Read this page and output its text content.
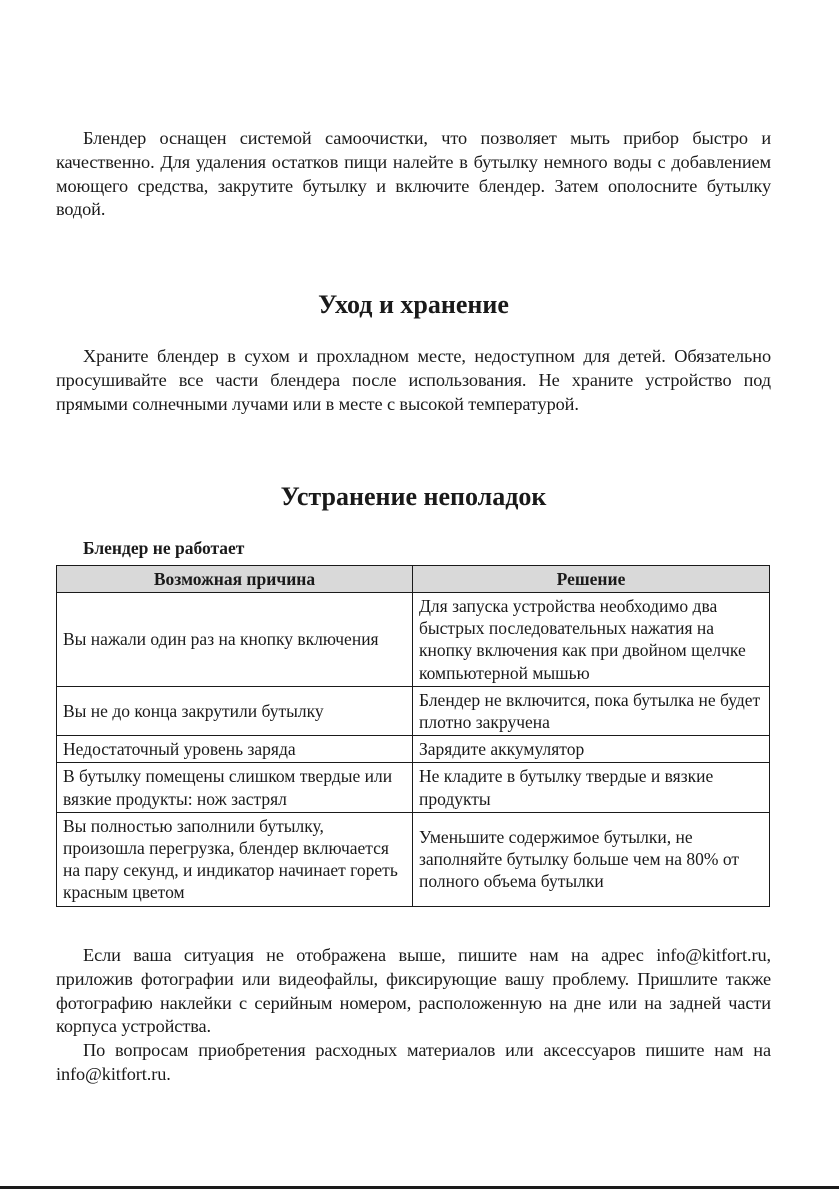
Блендер оснащен системой самоочистки, что позволяет мыть прибор быстро и качественно. Для удаления остатков пищи налейте в бутылку немного воды с добавлением моющего средства, закрутите бутылку и включите блендер. Затем ополосните бутылку водой.

Уход и хранение

Храните блендер в сухом и прохладном месте, недоступном для детей. Обязательно просушивайте все части блендера после использования. Не храните устройство под прямыми солнечными лучами или в месте с высокой температурой.

Устранение неполадок

Блендер не работает

Возможная причина	Решение
Вы нажали один раз на кнопку включения	Для запуска устройства необходимо два быстрых последовательных нажатия на кнопку включения как при двойном щелчке компьютерной мышью
Вы не до конца закрутили бутылку	Блендер не включится, пока бутылка не будет плотно закручена
Недостаточный уровень заряда	Зарядите аккумулятор
В бутылку помещены слишком твердые или вязкие продукты: нож застрял	Не кладите в бутылку твердые и вязкие продукты
Вы полностью заполнили бутылку, произошла перегрузка, блендер включается на пару секунд, и индикатор начинает гореть красным цветом	Уменьшите содержимое бутылки, не заполняйте бутылку больше чем на 80% от полного объема бутылки

Если ваша ситуация не отображена выше, пишите нам на адрес info@kitfort.ru, приложив фотографии или видеофайлы, фиксирующие вашу проблему. Пришлите также фотографию наклейки с серийным номером, расположенную на дне или на задней части корпуса устройства.

По вопросам приобретения расходных материалов или аксессуаров пишите нам на info@kitfort.ru.
